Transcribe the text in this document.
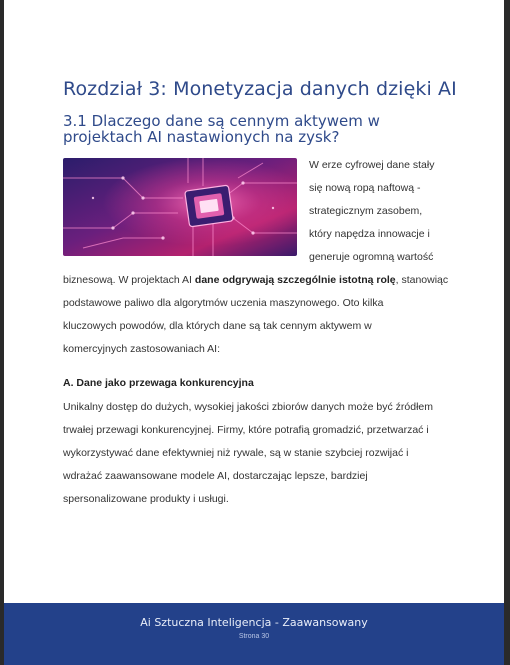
Rozdział 3: Monetyzacja danych dzięki AI
3.1 Dlaczego dane są cennym aktywem w projektach AI nastawionych na zysk?
W erze cyfrowej dane stały
się nową ropą naftową -
strategicznym zasobem,
który napędza innowacje i
generuje ogromną wartość
biznesową. W projektach AI dane odgrywają szczególnie istotną rolę, stanowiąc
podstawowe paliwo dla algorytmów uczenia maszynowego. Oto kilka
kluczowych powodów, dla których dane są tak cennym aktywem w
komercyjnych zastosowaniach AI:
A. Dane jako przewaga konkurencyjna
Unikalny dostęp do dużych, wysokiej jakości zbiorów danych może być źródłem
trwałej przewagi konkurencyjnej. Firmy, które potrafią gromadzić, przetwarzać i
wykorzystywać dane efektywniej niż rywale, są w stanie szybciej rozwijać i
wdrażać zaawansowane modele AI, dostarczając lepsze, bardziej
spersonalizowane produkty i usługi.
Ai Sztuczna Inteligencja - Zaawansowany
Strona 30
